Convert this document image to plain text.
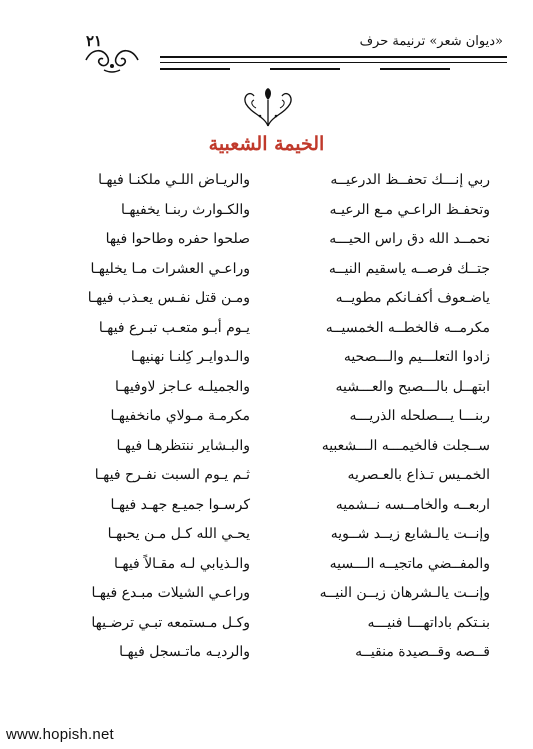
«ديوان شعر» ترنيمة حرف
٢١
الخيمة الشعبية
ربي إنـــك تحفــظ الدرعيــه
والريـاض اللـي ملكنـا فيهـا
وتحفـظ الراعـي مـع الرعيـه
والكـوارث ربنـا يخفيهـا
نحمــد الله دق راس الحيـــه
صلحوا حفره وطاحوا فيها
جتــك فرصــه ياسقيم النيــه
وراعـي العشرات مـا يخليهـا
ياضـعوف أكفـانكم مطويــه
ومـن قتل نفـس يعـذب فيهـا
مكرمــه فالخطــه الخمسيــه
يـوم أبـو متعـب تبـرع فيهـا
زادوا التعلـــيم والـــصحيه
والـدوايـر كِلنـا نهنيهـا
ابتهــل بالـــصبح والعـــشيه
والجميلـه عـاجز لاوفيهـا
ربنـــا يـــصلحله الذريـــه
مكرمـة مـولاي مانخفيهـا
ســجلت فالخيمـــه الـــشعبيه
والبـشاير ننتظرهـا فيهـا
الخمـيس تـذاع بالعـصريه
ثـم يـوم السبت نفـرح فيهـا
اربعــه والخامــسه نــشميه
كرسـوا جميـع جهـد فيهـا
وإنــت يالـشايع زيــد شــويه
يحـي الله كـل مـن يحبهـا
والمفــضي ماتجيــه الـــسيه
والـذيابي لـه مقـالاً فيهـا
وإنــت يالـشرهان زيــن النيــه
وراعـي الشيلات مبـدع فيهـا
بنـتكم باداتهـــا فنيـــه
وكـل مـستمعه تبـي ترضـيها
قــصه وقــصيدة منقيــه
والرديـه ماتـسجل فيهـا
www.hopish.net
